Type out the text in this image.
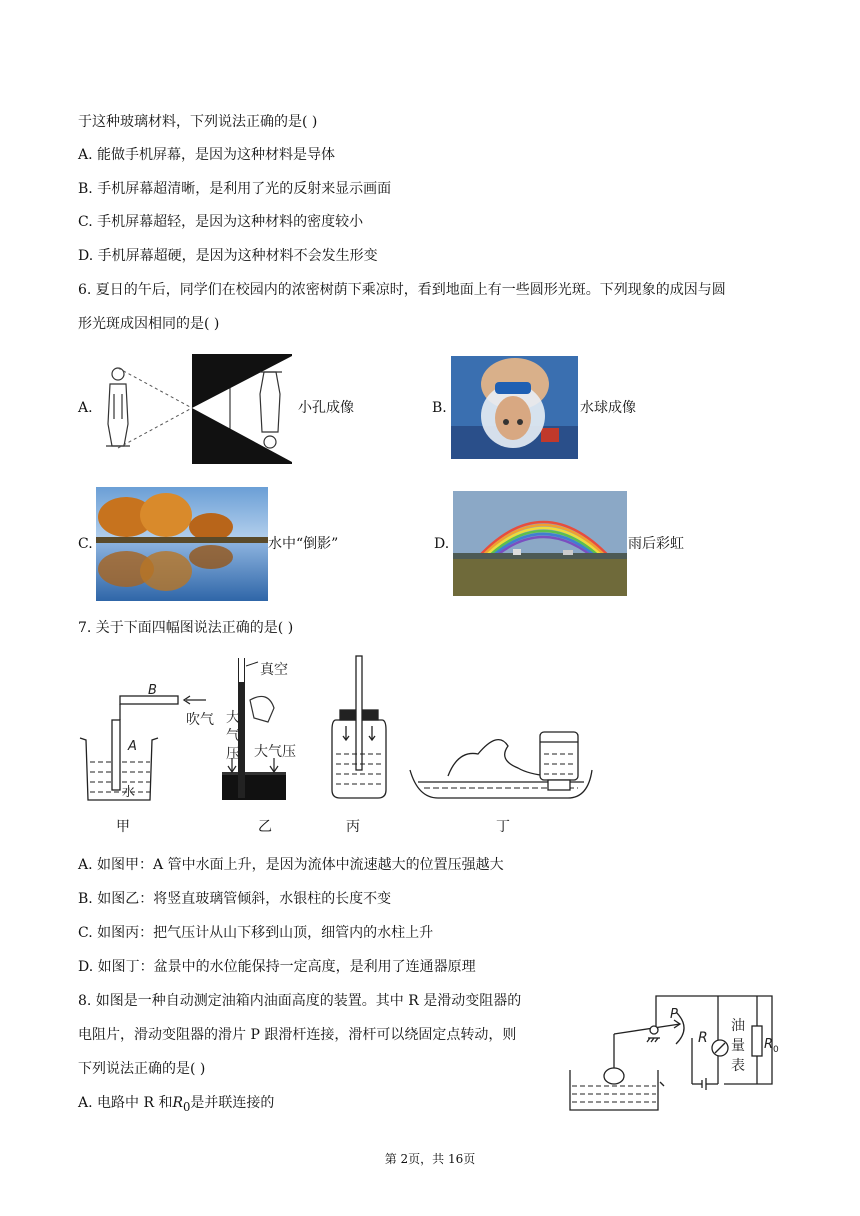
于这种玻璃材料，下列说法正确的是( )
A. 能做手机屏幕，是因为这种材料是导体
B. 手机屏幕超清晰，是利用了光的反射来显示画面
C. 手机屏幕超轻，是因为这种材料的密度较小
D. 手机屏幕超硬，是因为这种材料不会发生形变
6. 夏日的午后，同学们在校园内的浓密树荫下乘凉时，看到地面上有一些圆形光斑。下列现象的成因与圆
形光斑成因相同的是( )
A.	小孔成像	B.	水球成像
C.	水中“倒影”	D.	雨后彩虹
7. 关于下面四幅图说法正确的是( )
B
A
吹气
水
真空
大
气
压 大气压
甲	乙	丙	丁
A. 如图甲：A 管中水面上升，是因为流体中流速越大的位置压强越大
B. 如图乙：将竖直玻璃管倾斜，水银柱的长度不变
C. 如图丙：把气压计从山下移到山顶，细管内的水柱上升
D. 如图丁：盆景中的水位能保持一定高度，是利用了连通器原理
8. 如图是一种自动测定油箱内油面高度的装置。其中 R 是滑动变阻器的
电阻片，滑动变阻器的滑片 P 跟滑杆连接，滑杆可以绕固定点转动，则
下列说法正确的是( )
A. 电路中 R 和$R_0$是并联连接的
P
R
油
量
表
R 0
第 2页，共 16页
